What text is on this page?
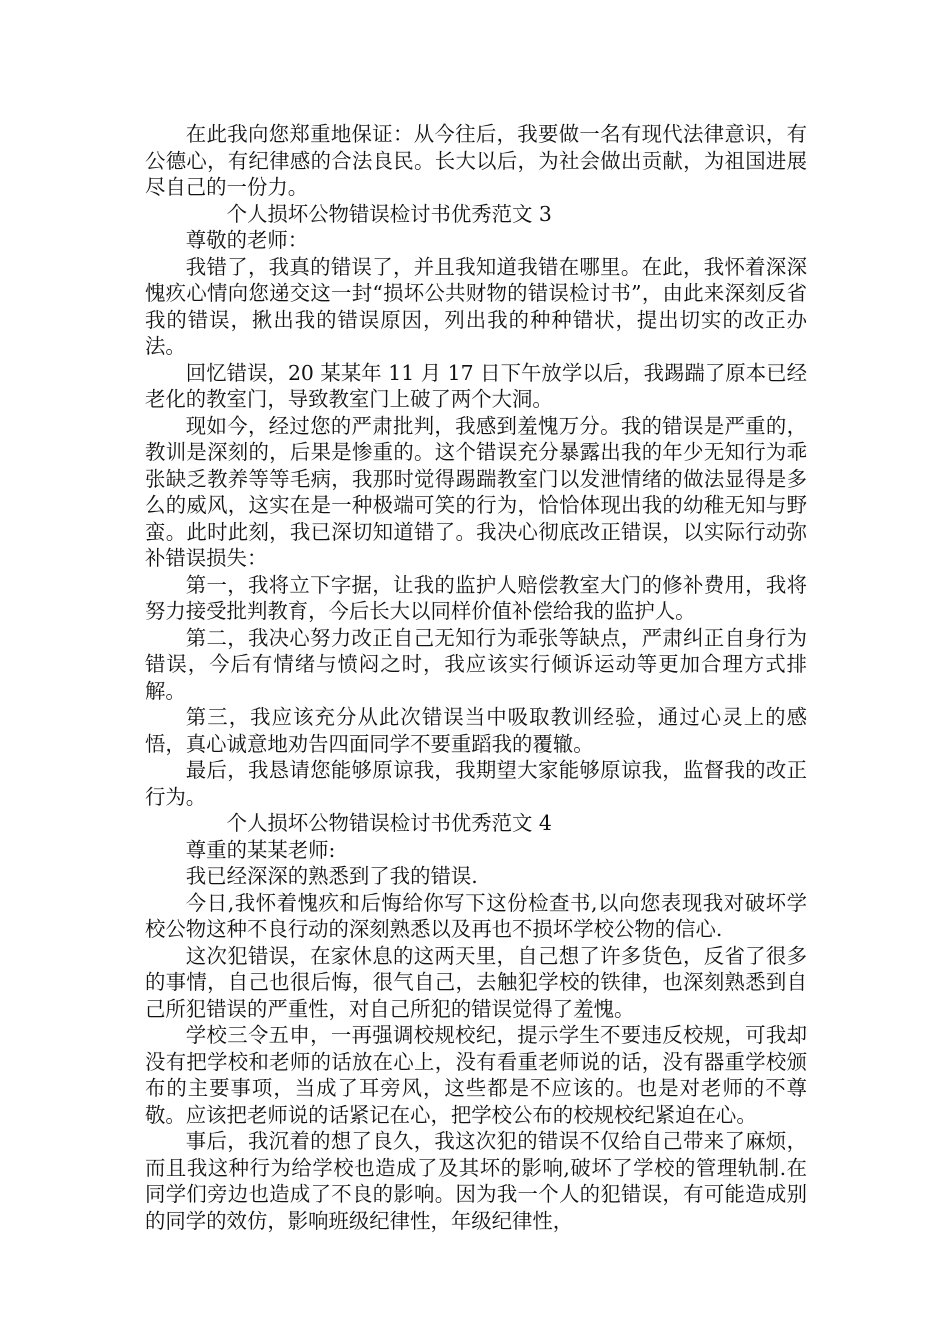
在此我向您郑重地保证：从今往后，我要做一名有现代法律意识，有公德心，有纪律感的合法良民。长大以后，为社会做出贡献，为祖国进展尽自己的一份力。

个人损坏公物错误检讨书优秀范文 3

尊敬的老师：

我错了，我真的错误了，并且我知道我错在哪里。在此，我怀着深深愧疚心情向您递交这一封“损坏公共财物的错误检讨书”，由此来深刻反省我的错误，揪出我的错误原因，列出我的种种错状，提出切实的改正办法。

回忆错误，20 某某年 11 月 17 日下午放学以后，我踢踹了原本已经老化的教室门，导致教室门上破了两个大洞。

现如今，经过您的严肃批判，我感到羞愧万分。我的错误是严重的，教训是深刻的，后果是惨重的。这个错误充分暴露出我的年少无知行为乖张缺乏教养等等毛病，我那时觉得踢踹教室门以发泄情绪的做法显得是多么的威风，这实在是一种极端可笑的行为，恰恰体现出我的幼稚无知与野蛮。此时此刻，我已深切知道错了。我决心彻底改正错误，以实际行动弥补错误损失：

第一，我将立下字据，让我的监护人赔偿教室大门的修补费用，我将努力接受批判教育，今后长大以同样价值补偿给我的监护人。

第二，我决心努力改正自己无知行为乖张等缺点，严肃纠正自身行为错误，今后有情绪与愤闷之时，我应该实行倾诉运动等更加合理方式排解。

第三，我应该充分从此次错误当中吸取教训经验，通过心灵上的感悟，真心诚意地劝告四面同学不要重蹈我的覆辙。

最后，我恳请您能够原谅我，我期望大家能够原谅我，监督我的改正行为。

个人损坏公物错误检讨书优秀范文 4

尊重的某某老师:

我已经深深的熟悉到了我的错误.

今日,我怀着愧疚和后悔给你写下这份检查书,以向您表现我对破坏学校公物这种不良行动的深刻熟悉以及再也不损坏学校公物的信心.

这次犯错误，在家休息的这两天里，自己想了许多货色，反省了很多的事情，自己也很后悔，很气自己，去触犯学校的铁律，也深刻熟悉到自己所犯错误的严重性，对自己所犯的错误觉得了羞愧。

学校三令五申，一再强调校规校纪，提示学生不要违反校规，可我却没有把学校和老师的话放在心上，没有看重老师说的话，没有器重学校颁布的主要事项，当成了耳旁风，这些都是不应该的。也是对老师的不尊敬。应该把老师说的话紧记在心，把学校公布的校规校纪紧迫在心。

事后，我沉着的想了良久，我这次犯的错误不仅给自己带来了麻烦，而且我这种行为给学校也造成了及其坏的影响,破坏了学校的管理轨制.在同学们旁边也造成了不良的影响。因为我一个人的犯错误，有可能造成别的同学的效仿，影响班级纪律性，年级纪律性，
